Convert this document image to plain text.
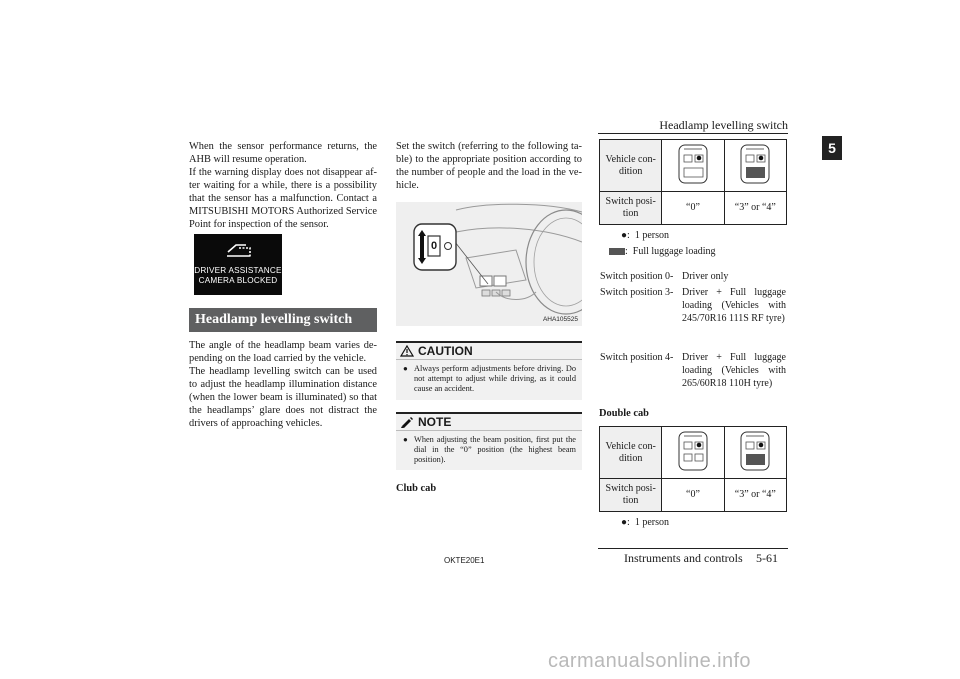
Headlamp levelling switch
5

When the sensor performance returns, the AHB will resume operation.

If the warning display does not disappear af-ter waiting for a while, there is a possibility that the sensor has a malfunction. Contact a MITSUBISHI MOTORS Authorized Service Point for inspection of the sensor.

DRIVER ASSISTANCE
CAMERA BLOCKED
Headlamp levelling switch

The angle of the headlamp beam varies de-pending on the load carried by the vehicle.

The headlamp levelling switch can be used to adjust the headlamp illumination distance (when the lower beam is illuminated) so that the headlamps’ glare does not distract the drivers of approaching vehicles.

Set the switch (referring to the following ta-ble) to the appropriate position according to the number of people and the load in the ve-hicle.

0
AHA105525
CAUTION
● Always perform adjustments before driving. Do not attempt to adjust while driving, as it could cause an accident.
NOTE
● When adjusting the beam position, first put the dial in the “0” position (the highest beam position).
Club cab
Vehicle con-dition		
Switch posi-tion	“0”	“3” or “4”
●: 1 person
: Full luggage loading
Switch position 0- Driver only
Switch position 3- Driver + Full luggage loading (Vehicles with 245/70R16 111S RF tyre)
Switch position 4- Driver + Full luggage loading (Vehicles with 265/60R18 110H tyre)
Double cab
Vehicle con-dition		
Switch posi-tion	“0”	“3” or “4”
●: 1 person
OKTE20E1	Instruments and controls 5-61
carmanualsonline.info
